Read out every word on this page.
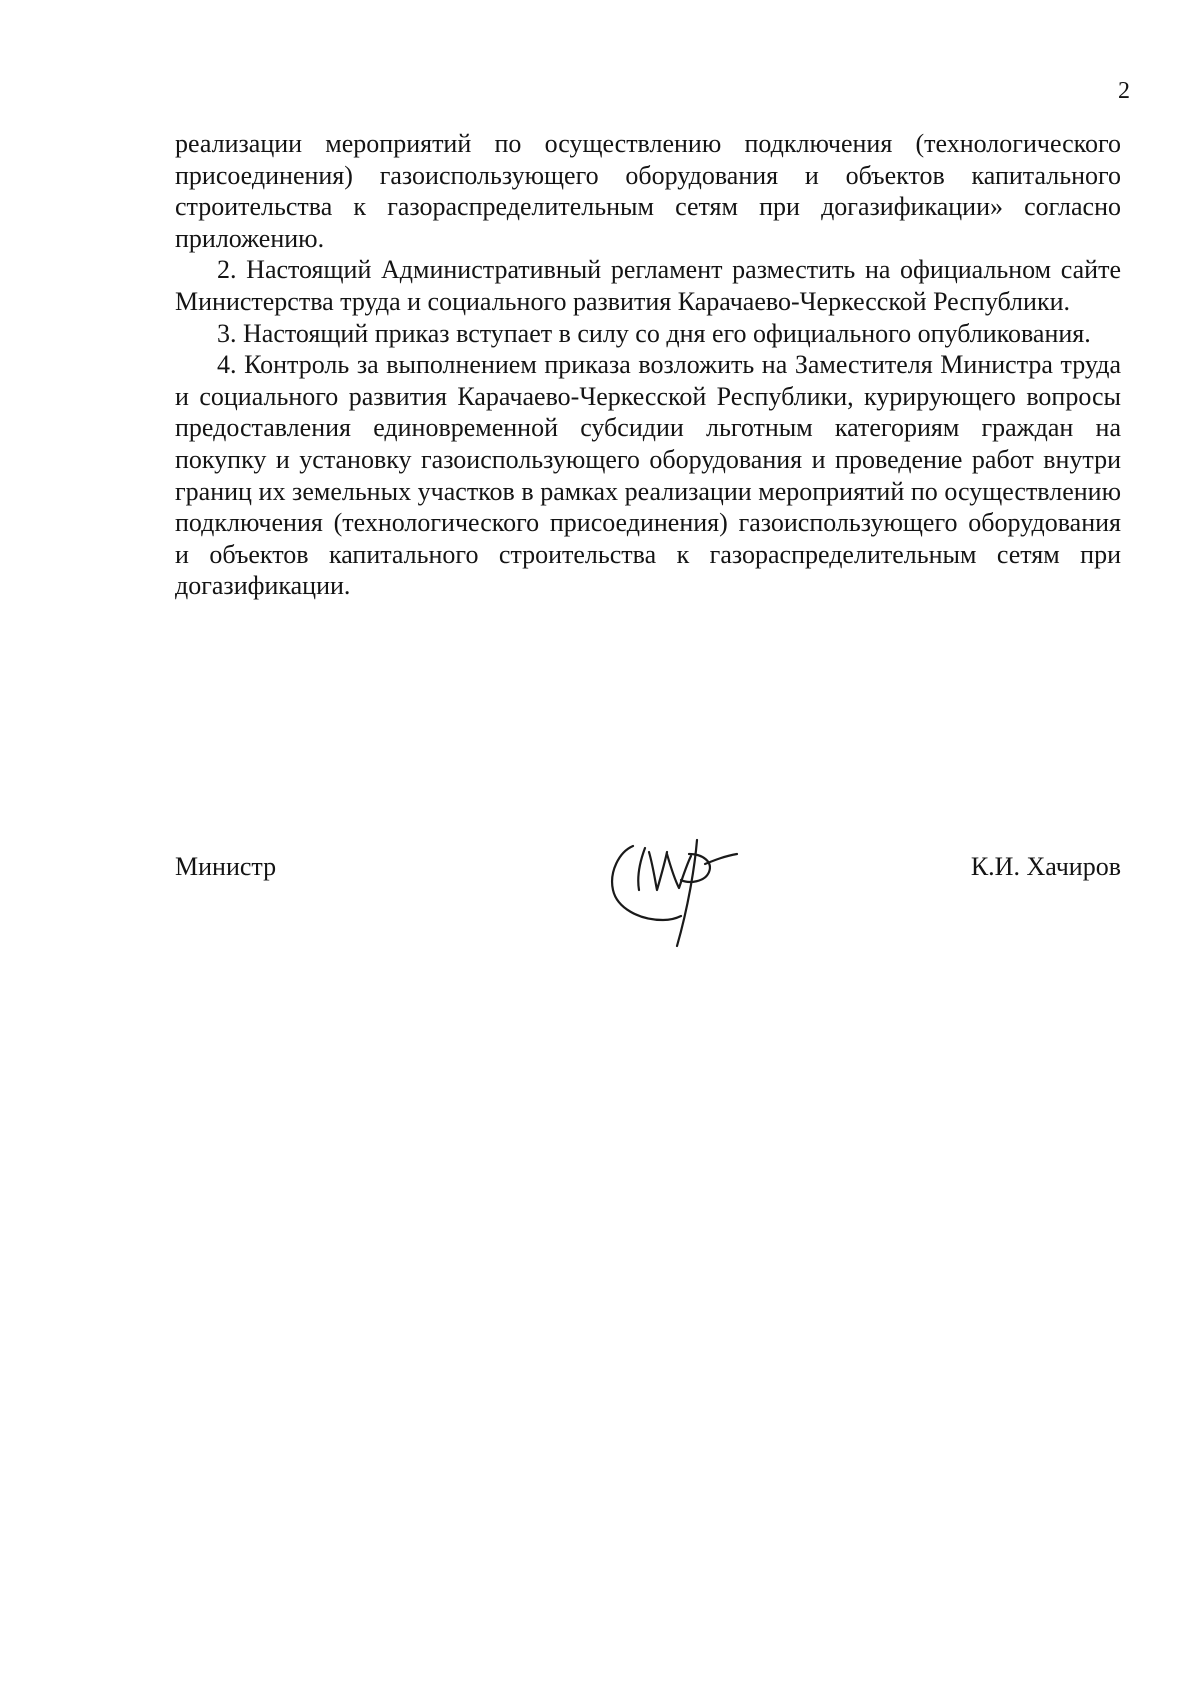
2

реализации мероприятий по осуществлению подключения (технологического присоединения) газоиспользующего оборудования и объектов капитального строительства к газораспределительным сетям при догазификации» согласно приложению.

2. Настоящий Административный регламент разместить на официальном сайте Министерства труда и социального развития Карачаево-Черкесской Республики.

3. Настоящий приказ вступает в силу со дня его официального опубликования.

4. Контроль за выполнением приказа возложить на Заместителя Министра труда и социального развития Карачаево-Черкесской Республики, курирующего вопросы предоставления единовременной субсидии льготным категориям граждан на покупку и установку газоиспользующего оборудования и проведение работ внутри границ их земельных участков в рамках реализации мероприятий по осуществлению подключения (технологического присоединения) газоиспользующего оборудования и объектов капитального строительства к газораспределительным сетям при догазификации.

Министр	К.И. Хачиров
